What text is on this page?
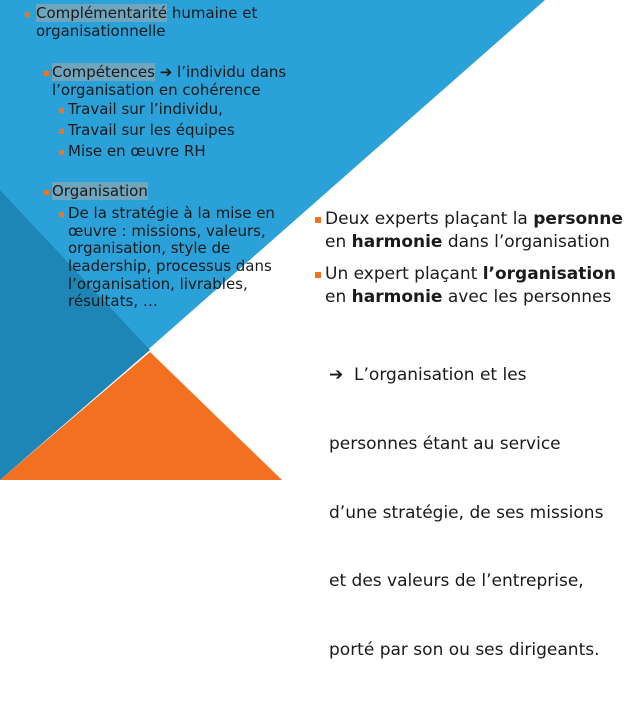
Complémentarité humaine et
organisationnelle
Compétences ➔ l’individu dans
l’organisation en cohérence
Travail sur l’individu,
Travail sur les équipes
Mise en œuvre RH
Organisation
De la stratégie à la mise en
œuvre : missions, valeurs,
organisation, style de
leadership, processus dans
l’organisation, livrables,
résultats, …
Deux experts plaçant la personne
en harmonie dans l’organisation
Un expert plaçant l’organisation
en harmonie avec les personnes

➔  L’organisation et les

personnes étant au service

d’une stratégie, de ses missions

et des valeurs de l’entreprise,

porté par son ou ses dirigeants.
